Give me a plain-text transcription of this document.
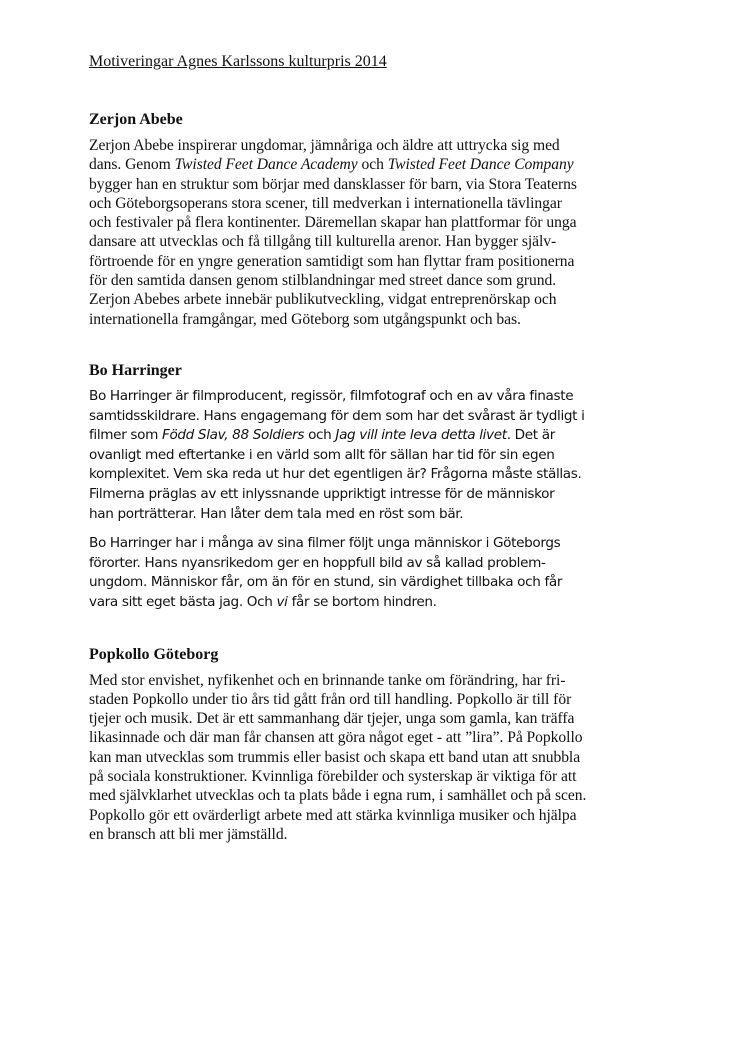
Motiveringar Agnes Karlssons kulturpris 2014
Zerjon Abebe

Zerjon Abebe inspirerar ungdomar, jämnåriga och äldre att uttrycka sig med
dans. Genom Twisted Feet Dance Academy och Twisted Feet Dance Company
bygger han en struktur som börjar med dansklasser för barn, via Stora Teaterns
och Göteborgsoperans stora scener, till medverkan i internationella tävlingar
och festivaler på flera kontinenter. Däremellan skapar han plattformar för unga
dansare att utvecklas och få tillgång till kulturella arenor. Han bygger själv-
förtroende för en yngre generation samtidigt som han flyttar fram positionerna
för den samtida dansen genom stilblandningar med street dance som grund.
Zerjon Abebes arbete innebär publikutveckling, vidgat entreprenörskap och
internationella framgångar, med Göteborg som utgångspunkt och bas.

Bo Harringer

Bo Harringer är filmproducent, regissör, filmfotograf och en av våra finaste
samtidsskildrare. Hans engagemang för dem som har det svårast är tydligt i
filmer som Född Slav, 88 Soldiers och Jag vill inte leva detta livet. Det är
ovanligt med eftertanke i en värld som allt för sällan har tid för sin egen
komplexitet. Vem ska reda ut hur det egentligen är? Frågorna måste ställas.
Filmerna präglas av ett inlyssnande uppriktigt intresse för de människor
han porträtterar. Han låter dem tala med en röst som bär.

Bo Harringer har i många av sina filmer följt unga människor i Göteborgs
förorter. Hans nyansrikedom ger en hoppfull bild av så kallad problem-
ungdom. Människor får, om än för en stund, sin värdighet tillbaka och får
vara sitt eget bästa jag. Och vi får se bortom hindren.

Popkollo Göteborg

Med stor envishet, nyfikenhet och en brinnande tanke om förändring, har fri-
staden Popkollo under tio års tid gått från ord till handling. Popkollo är till för
tjejer och musik. Det är ett sammanhang där tjejer, unga som gamla, kan träffa
likasinnade och där man får chansen att göra något eget - att ”lira”. På Popkollo
kan man utvecklas som trummis eller basist och skapa ett band utan att snubbla
på sociala konstruktioner. Kvinnliga förebilder och systerskap är viktiga för att
med självklarhet utvecklas och ta plats både i egna rum, i samhället och på scen.
Popkollo gör ett ovärderligt arbete med att stärka kvinnliga musiker och hjälpa
en bransch att bli mer jämställd.
